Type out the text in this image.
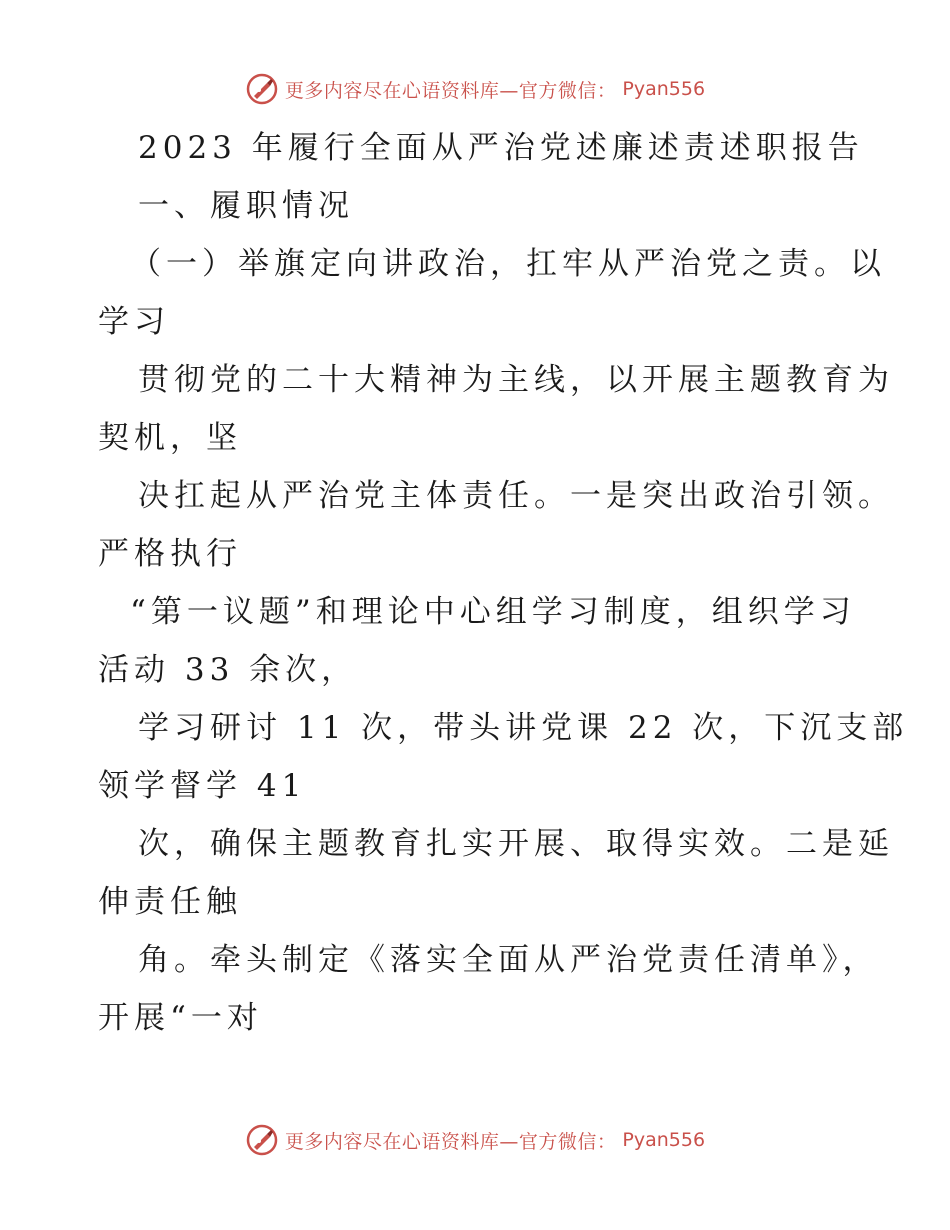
更多内容尽在心语资料库—官方微信： Pyan556
2023 年履行全面从严治党述廉述责述职报告
一、履职情况
（一）举旗定向讲政治，扛牢从严治党之责。以
学习
贯彻党的二十大精神为主线，以开展主题教育为
契机，坚
决扛起从严治党主体责任。一是突出政治引领。
严格执行
“第一议题”和理论中心组学习制度，组织学习
活动 33 余次，
学习研讨 11 次，带头讲党课 22 次，下沉支部
领学督学 41
次，确保主题教育扎实开展、取得实效。二是延
伸责任触
角。牵头制定《落实全面从严治党责任清单》，
开展“一对
更多内容尽在心语资料库—官方微信： Pyan556
